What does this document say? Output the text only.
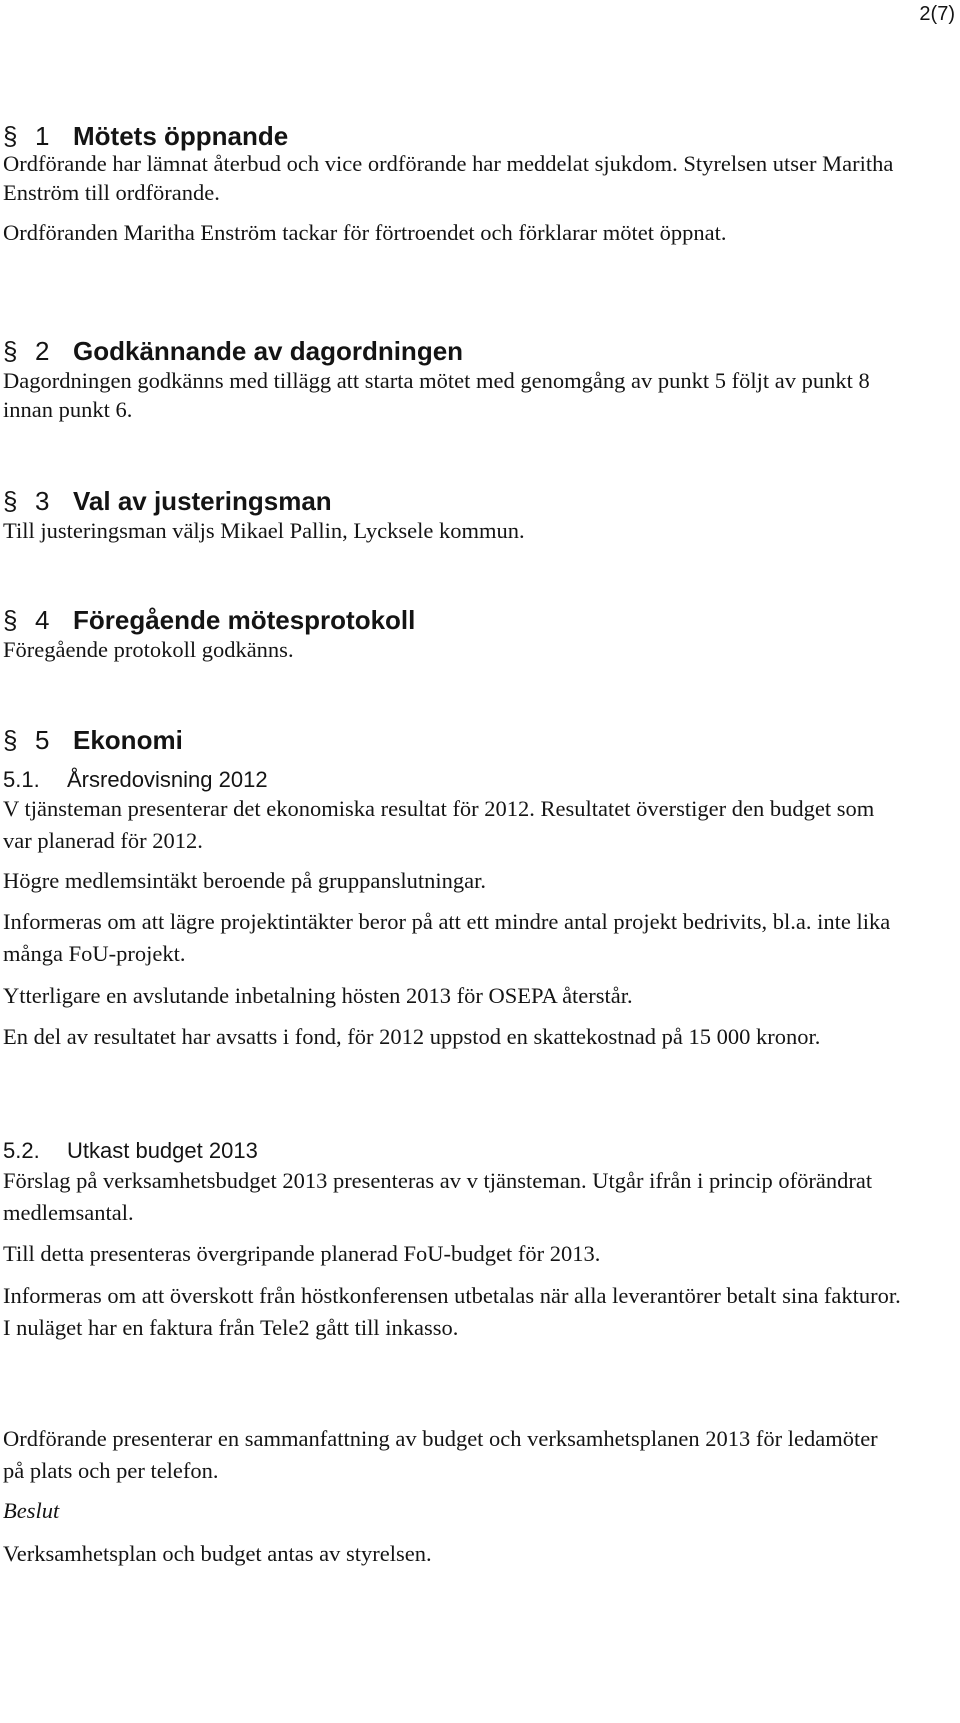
2(7)
§ 1 Mötets öppnande

Ordförande har lämnat återbud och vice ordförande har meddelat sjukdom. Styrelsen utser Maritha Enström till ordförande.

Ordföranden Maritha Enström tackar för förtroendet och förklarar mötet öppnat.

§ 2 Godkännande av dagordningen

Dagordningen godkänns med tillägg att starta mötet med genomgång av punkt 5 följt av punkt 8 innan punkt 6.

§ 3 Val av justeringsman

Till justeringsman väljs Mikael Pallin, Lycksele kommun.

§ 4 Föregående mötesprotokoll

Föregående protokoll godkänns.

§ 5 Ekonomi
5.1. Årsredovisning 2012

V tjänsteman presenterar det ekonomiska resultat för 2012. Resultatet överstiger den budget som var planerad för 2012.

Högre medlemsintäkt beroende på gruppanslutningar.

Informeras om att lägre projektintäkter beror på att ett mindre antal projekt bedrivits, bl.a. inte lika många FoU-projekt.

Ytterligare en avslutande inbetalning hösten 2013 för OSEPA återstår.

En del av resultatet har avsatts i fond, för 2012 uppstod en skattekostnad på 15 000 kronor.

5.2. Utkast budget 2013

Förslag på verksamhetsbudget 2013 presenteras av v tjänsteman. Utgår ifrån i princip oförändrat medlemsantal.

Till detta presenteras övergripande planerad FoU-budget för 2013.

Informeras om att överskott från höstkonferensen utbetalas när alla leverantörer betalt sina fakturor. I nuläget har en faktura från Tele2 gått till inkasso.

Ordförande presenterar en sammanfattning av budget och verksamhetsplanen 2013 för ledamöter på plats och per telefon.

Beslut

Verksamhetsplan och budget antas av styrelsen.
